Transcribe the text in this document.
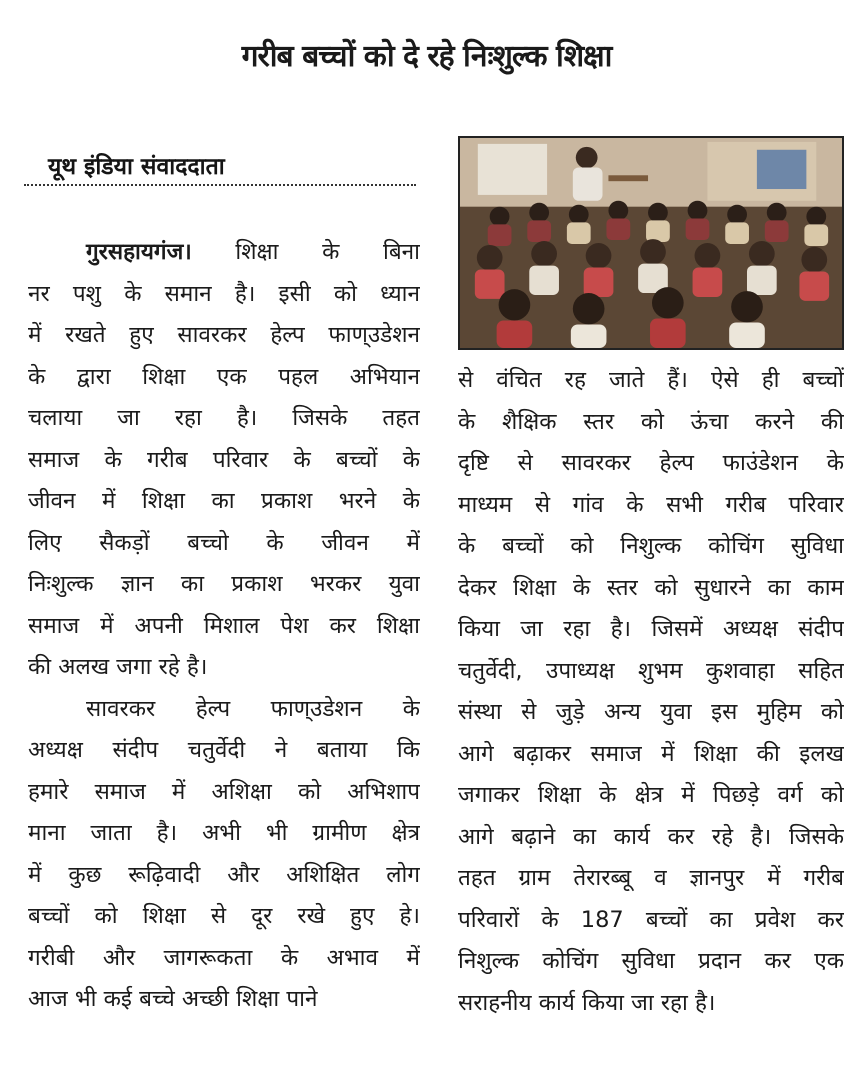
गरीब बच्चों को दे रहे निःशुल्क शिक्षा
यूथ इंडिया संवाददाता
गुरसहायगंज। शिक्षा के बिना
नर पशु के समान है। इसी को ध्यान
में रखते हुए सावरकर हेल्प फाण्उडेशन
के द्वारा शिक्षा एक पहल अभियान
चलाया जा रहा है। जिसके तहत
समाज के गरीब परिवार के बच्चों के
जीवन में शिक्षा का प्रकाश भरने के
लिए सैकड़ों बच्चो के जीवन में
निःशुल्क ज्ञान का प्रकाश भरकर युवा
समाज में अपनी मिशाल पेश कर शिक्षा
की अलख जगा रहे है।
सावरकर हेल्प फाण्उडेशन के
अध्यक्ष संदीप चतुर्वेदी ने बताया कि
हमारे समाज में अशिक्षा को अभिशाप
माना जाता है। अभी भी ग्रामीण क्षेत्र
में कुछ रूढ़िवादी और अशिक्षित लोग
बच्चों को शिक्षा से दूर रखे हुए हे।
गरीबी और जागरूकता के अभाव में
आज भी कई बच्चे अच्छी शिक्षा पाने
से वंचित रह जाते हैं। ऐसे ही बच्चों
के शैक्षिक स्तर को ऊंचा करने की
दृष्टि से सावरकर हेल्प फाउंडेशन के
माध्यम से गांव के सभी गरीब परिवार
के बच्चों को निशुल्क कोचिंग सुविधा
देकर शिक्षा के स्तर को सुधारने का काम
किया जा रहा है। जिसमें अध्यक्ष संदीप
चतुर्वेदी, उपाध्यक्ष शुभम कुशवाहा सहित
संस्था से जुड़े अन्य युवा इस मुहिम को
आगे बढ़ाकर समाज में शिक्षा की इलख
जगाकर शिक्षा के क्षेत्र में पिछड़े वर्ग को
आगे बढ़ाने का कार्य कर रहे है। जिसके
तहत ग्राम तेरारब्बू व ज्ञानपुर में गरीब
परिवारों के 187 बच्चों का प्रवेश कर
निशुल्क कोचिंग सुविधा प्रदान कर एक
सराहनीय कार्य किया जा रहा है।
